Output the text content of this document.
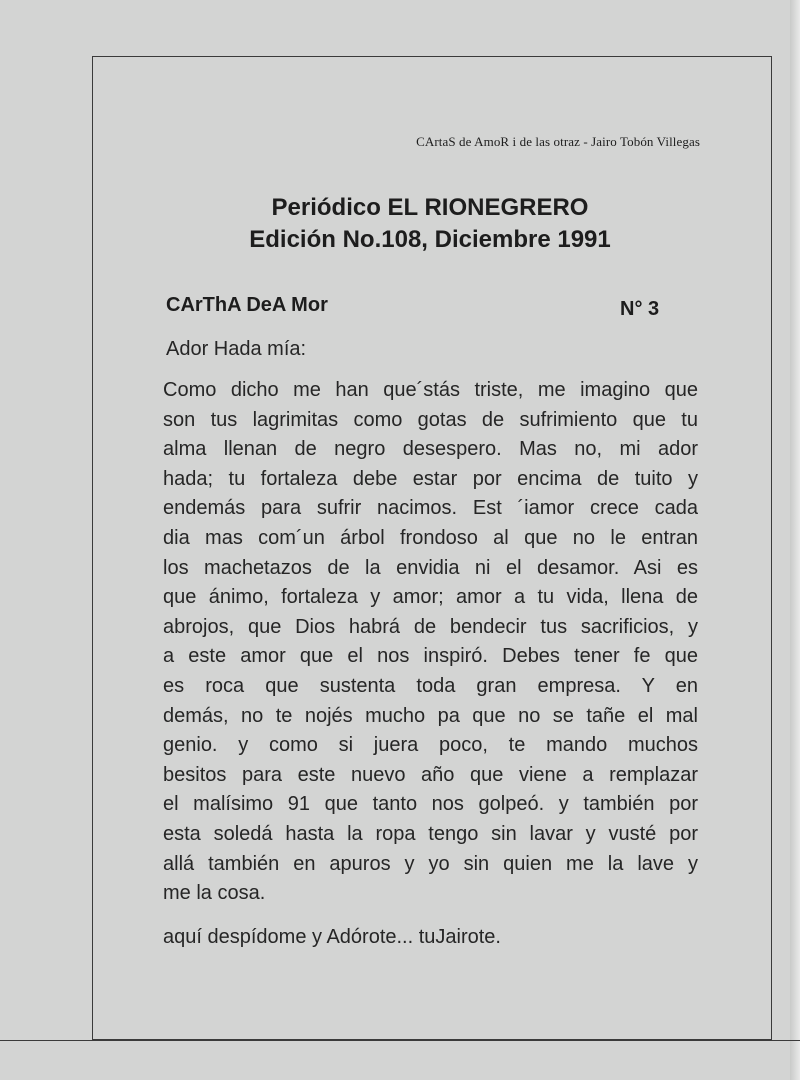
CArtaS de AmoR i de las otraz - Jairo Tobón Villegas
Periódico EL RIONEGRERO
Edición No.108, Diciembre 1991
CArThA DeA Mor	N° 3
Ador Hada mía:
Como dicho me han que´stás triste, me imagino que
son tus lagrimitas como gotas de sufrimiento que tu
alma llenan de negro desespero. Mas no, mi ador
hada; tu fortaleza debe estar por encima de tuito y
endemás para sufrir nacimos. Est ´iamor crece cada
dia mas com´un árbol frondoso al que no le entran
los machetazos de la envidia ni el desamor. Asi es
que ánimo, fortaleza y amor; amor a tu vida, llena de
abrojos, que Dios habrá de bendecir tus sacrificios, y
a este amor que el nos inspiró. Debes tener fe que
es roca que sustenta toda gran empresa. Y en
demás, no te nojés mucho pa que no se tañe el mal
genio. y como si juera poco, te mando muchos
besitos para este nuevo año que viene a remplazar
el malísimo 91 que tanto nos golpeó. y también por
esta soledá hasta la ropa tengo sin lavar y vusté por
allá también en apuros y yo sin quien me la lave y
me la cosa.
aquí despídome y Adórote... tuJairote.
